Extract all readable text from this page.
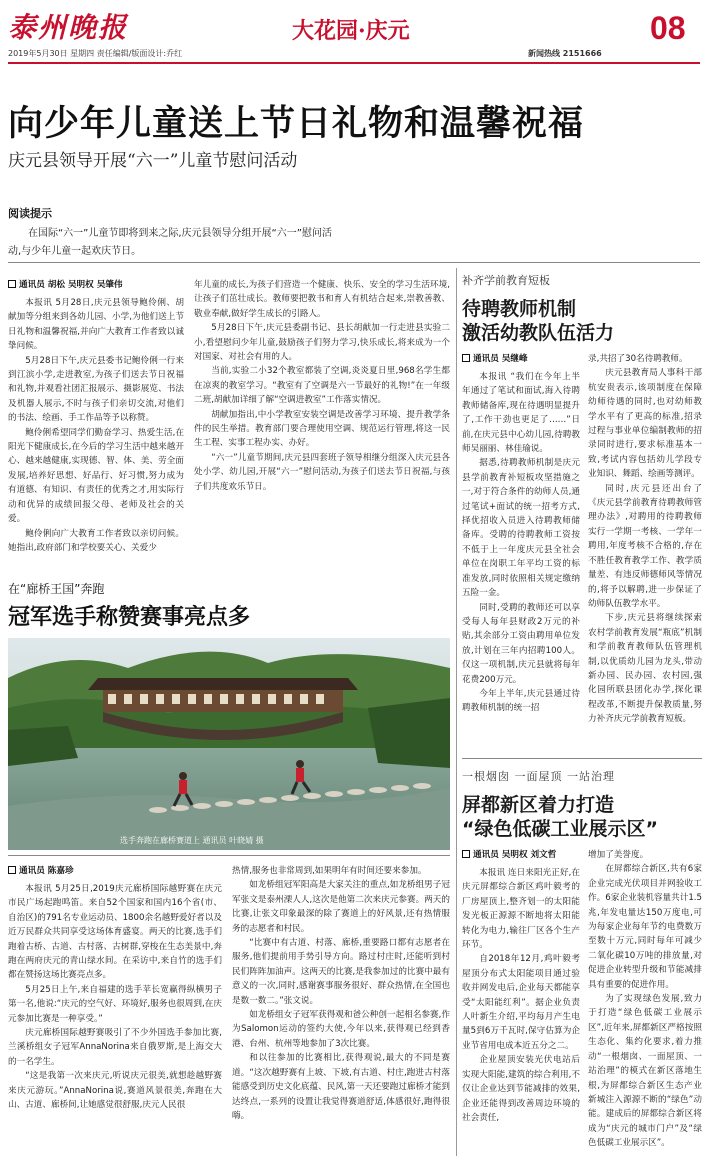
泰州晚报	大花园·庆元	08
2019年5月30日 星期四 责任编辑/版面设计:乔红	新闻热线 2151666
向少年儿童送上节日礼物和温馨祝福
庆元县领导开展“六一”儿童节慰问活动
阅读提示
在国际“六一”儿童节即将到来之际,庆元县领导分组开展“六一”慰问活动,与少年儿童一起欢庆节日。
通讯员 胡松 吴明权 吴肇伟

本报讯 5月28日,庆元县领导鲍伶俐、胡献加等分组来到各幼儿园、小学,为他们送上节日礼物和温馨祝福,并向广大教育工作者致以诚挚问候。

5月28日下午,庆元县委书记鲍伶俐一行来到江滨小学,走进教室,为孩子们送去节日祝福和礼物,并观看社团汇报展示、摄影展览、书法及机器人展示,不时与孩子们亲切交流,对他们的书法、绘画、手工作品等予以称赞。

鲍伶俐希望同学们勤奋学习、热爱生活,在阳光下健康成长,在今后的学习生活中越来越开心、越来越健康,实现德、智、体、美、劳全面发展,培养好思想、好品行、好习惯,努力成为有道德、有知识、有责任的优秀之才,用实际行动和优异的成绩回报父母、老师及社会的关爱。

鲍伶俐向广大教育工作者致以亲切问候。她指出,政府部门和学校要关心、关爱少

年儿童的成长,为孩子们营造一个健康、快乐、安全的学习生活环境,让孩子们茁壮成长。教师要把教书和育人有机结合起来,崇教善教、敬业奉献,做好学生成长的引路人。

5月28日下午,庆元县委副书记、县长胡献加一行走进县实验二小,看望慰问少年儿童,鼓励孩子们努力学习,快乐成长,将来成为一个对国家、对社会有用的人。

当前,实验二小32个教室都装了空调,炎炎夏日里,968名学生都在凉爽的教室学习。“教室有了空调是六一节最好的礼物!”在一年级二班,胡献加详细了解“空调进教室”工作落实情况。

胡献加指出,中小学教室安装空调是改善学习环境、提升教学条件的民生举措。教育部门要合理使用空调、规范运行管理,将这一民生工程、实事工程办实、办好。

“六一”儿童节期间,庆元县四套班子领导相继分组深入庆元县各处小学、幼儿园,开展“六一”慰问活动,为孩子们送去节日祝福,与孩子们共度欢乐节日。

在“廊桥王国”奔跑
冠军选手称赞赛事亮点多
选手奔跑在廊桥赛道上 通讯员 叶晓婧 摄
通讯员 陈嘉珍

本报讯 5月25日,2019庆元廊桥国际越野赛在庆元市民广场起跑鸣笛。来自52个国家和国内16个省(市、自治区)的791名专业运动员、1800余名越野爱好者以及近万民群众共同享受这场体育盛宴。两天的比赛,选手们跑着古桥、古道、古村落、古树群,穿梭在生态美景中,奔跑在两府庆元的青山绿水间。在采访中,来自竹的选手们都在赞扬这场比赛亮点多。

5月25日上午,来自福建的选手苹长宽赢得纵横男子第一名,他说:“庆元的空气好、环境好,服务也很周到,在庆元参加比赛是一种享受。”

庆元廊桥国际越野赛吸引了不少外国选手参加比赛,兰溪桥组女子冠军AnnaNorina来自俄罗斯,是上海交大的一名学生。

“这是我第一次来庆元,听说庆元很美,就想趁越野赛来庆元游玩。”AnnaNorina说,赛道风景很美,奔跑在大山、古道、廊桥间,让她感觉很舒服,庆元人民很

热情,服务也非常周到,如果明年有时间还要来参加。

如龙桥组冠军阳高是大家关注的重点,如龙桥组男子冠军张文是泰州溧人人,这次是他第二次来庆元参赛。两天的比赛,让张文印象最深的除了赛道上的好风景,还有热情服务的志愿者和村民。

“比赛中有古道、村落、廊桥,重要路口都有志愿者在服务,他们提前用手势引导方向。路过村庄时,还能听到村民们阵阵加油声。这两天的比赛,是我参加过的比赛中最有意义的一次,同时,感谢赛事服务很好、群众热情,在全国也是数一数二。”张文说。

如龙桥组女子冠军获得观和爸公种创一起相名参赛,作为Salomon运动的签约大使,今年以来,获得观已经到香港、台州、杭州等地参加了3次比赛。

和以往参加的比赛相比,获得观说,最大的不同是赛道。“这次越野赛有上坡、下坡,有古道、村庄,跑进古村落能感受到历史文化底蕴、民风,第一天还要跑过廊桥才能到达终点,一系列的设置让我觉得赛道舒适,体感很好,跑得很嗨。

补齐学前教育短板
待聘教师机制
激活幼教队伍活力
通讯员 吴继峰

本报讯 “我们在今年上半年通过了笔试和面试,海入待聘教师储备库,现在待遇明显提升了,工作干劲也更足了……”日前,在庆元县中心幼儿园,待聘教师吴丽丽、林佳瑜说。

据悉,待聘教师机制是庆元县学前教育补短板攻坚措施之一,对于符合条件的幼师人员,通过笔试+面试的统一招考方式,择优招收入员进入待聘教师储备库。受聘的待聘教师工资按不低于上一年度庆元县全社会单位在岗职工年平均工资的标准发放,同时依照相关规定缴纳五险一金。

同时,受聘的教师还可以享受每人每年县财政2万元的补贴,其余部分工资由聘用单位发放,计划在三年内招聘100人。仅这一项机制,庆元县就将每年花费200万元。

今年上半年,庆元县通过待聘教师机制的统一招

录,共招了30名待聘教师。

庆元县教育局人事科干部杭安贵表示,该项制度在保障幼师待遇的同时,也对幼师教学水平有了更高的标准,招录过程与事业单位编制教师的招录同时进行,要求标准基本一致,考试内容包括幼儿学段专业知识、舞蹈、绘画等测评。

同时,庆元县还出台了《庆元县学前教育待聘教师管理办法》,对聘用的待聘教师实行一学期一考核、一学年一聘用,年度考核不合格的,存在不胜任教育教学工作、教学质量差、有违反师德师风等情况的,将予以解聘,进一步保证了幼师队伍教学水平。

下步,庆元县将继续探索农村学前教育发展“瓶底”机制和学前教育教师队伍管理机制,以优质幼儿园为龙头,带动新办园、民办园、农村园,强化园所联县团化办学,探化课程改革,不断提升保教质量,努力补齐庆元学前教育短板。

一根烟囱 一面屋顶 一站治理
屏都新区着力打造
“绿色低碳工业展示区”
通讯员 吴明权 刘文哲

本报讯 连日来阳光正好,在庆元屏都综合新区鸡叶毅考的厂房屋顶上,整齐划一的太阳能发光板正源源不断地将太阳能转化为电力,输往厂区各个生产环节。

自2018年12月,鸡叶毅考屋顶分布式太阳能项目通过验收并网发电后,企业每天都能享受“太阳能红利”。据企业负责人叶新生介绍,平均每月产生电量5到6万千瓦时,保守估算为企业节省用电成本近五分之二。

企业屋顶安装光伏电站后实现大阳能,建筑的综合利用,不仅让企业达到节能减排的效果,企业还能得到改善周边环境的社会责任,

增加了美誉度。

在屏都综合新区,共有6家企业完成光伏项目并网验收工作。6家企业装机容量共计1.5兆,年发电量达150万度电,可为每家企业每年节约电费数万至数十万元,同时每年可减少二氧化碳10万吨的排放量,对促进企业转型升级和节能减排具有重要的促进作用。

为了实现绿色发展,致力于打造“绿色低碳工业展示区”,近年来,屏都新区严格按照生态化、集约化要求,着力推动“一根烟囱、一面屋顶、一站治理”的模式在新区落地生根,为屏都综合新区生态产业新城注入源源不断的“绿色”动能。建成后的屏都综合新区将成为“庆元的城市门户”及“绿色低碳工业展示区”。
